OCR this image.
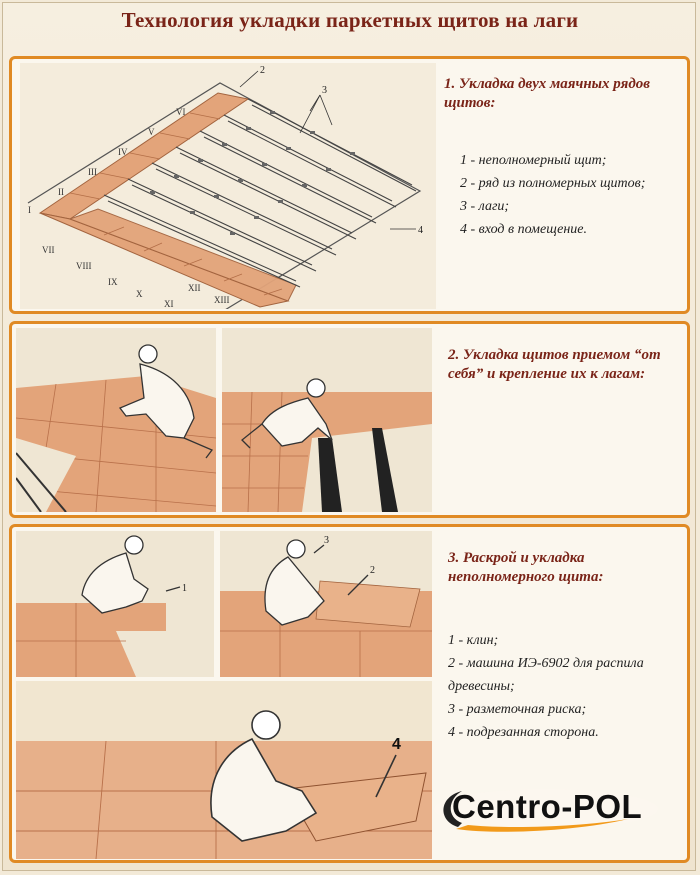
Технология укладки паркетных щитов на лаги
I
II
III
IV
V
VI
VII
VIII
IX
X
XI
XII
XIII
2
3
4
1. Укладка двух маячных рядов щитов:
1 - неполномерный щит;
2 - ряд из полномерных щитов;
3 - лаги;
4 - вход в помещение.
2. Укладка щитов приемом “от себя” и крепление их к лагам:
1
3
2
4
3. Раскрой и укладка неполномерного щита:
1 - клин;
2 - машина ИЭ-6902 для распила древесины;
3 - разметочная риска;
4 - подрезанная сторона.
Centro-POL
